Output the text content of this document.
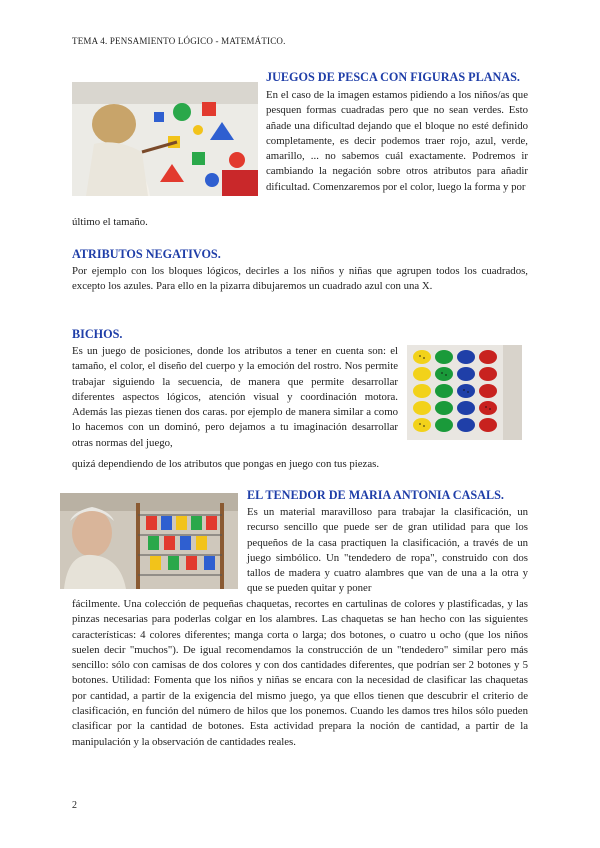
TEMA 4. PENSAMIENTO LÓGICO - MATEMÁTICO.
JUEGOS DE PESCA CON FIGURAS PLANAS.

En el caso de la imagen estamos pidiendo a los niños/as que pesquen formas cuadradas pero que no sean verdes. Esto añade una dificultad dejando que el bloque no esté definido completamente, es decir podemos traer rojo, azul, verde, amarillo, ... no sabemos cuál exactamente. Podremos ir cambiando la negación sobre otros atributos para añadir dificultad. Comenzaremos por el color, luego la forma y por

último el tamaño.

ATRIBUTOS NEGATIVOS.

Por ejemplo con los bloques lógicos, decirles a los niños y niñas que agrupen todos los cuadrados, excepto los azules. Para ello en la pizarra dibujaremos un cuadrado azul con una X.

BICHOS.

Es un juego de posiciones, donde los atributos a tener en cuenta son: el tamaño, el color, el diseño del cuerpo y la emoción del rostro. Nos permite trabajar siguiendo la secuencia, de manera que permite desarrollar diferentes aspectos lógicos, atención visual y coordinación motora. Además las piezas tienen dos caras. por ejemplo de manera similar a como lo hacemos con un dominó, pero dejamos a tu imaginación desarrollar otras normas del juego,

quizá dependiendo de los atributos que pongas en juego con tus piezas.

EL TENEDOR DE MARIA ANTONIA CASALS.

Es un material maravilloso para trabajar la clasificación, un recurso sencillo que puede ser de gran utilidad para que los pequeños de la casa practiquen la clasificación, a través de un juego simbólico. Un "tendedero de ropa", construido con dos tallos de madera y cuatro alambres que van de una a la otra y que se pueden quitar y poner

fácilmente. Una colección de pequeñas chaquetas, recortes en cartulinas de colores y plastificadas, y las pinzas necesarias para poderlas colgar en los alambres. Las chaquetas se han hecho con las siguientes características: 4 colores diferentes; manga corta o larga; dos botones, o cuatro u ocho (que los niños suelen decir "muchos"). De igual recomendamos la construcción de un "tendedero" similar pero más sencillo: sólo con camisas de dos colores y con dos cantidades diferentes, que podrían ser 2 botones y 5 botones. Utilidad: Fomenta que los niños y niñas se encara con la necesidad de clasificar las chaquetas por cantidad, a partir de la exigencia del mismo juego, ya que ellos tienen que descubrir el criterio de clasificación, en función del número de hilos que los ponemos. Cuando les damos tres hilos sólo pueden clasificar por la cantidad de botones. Esta actividad prepara la noción de cantidad, a partir de la manipulación y la observación de cantidades reales.

2
